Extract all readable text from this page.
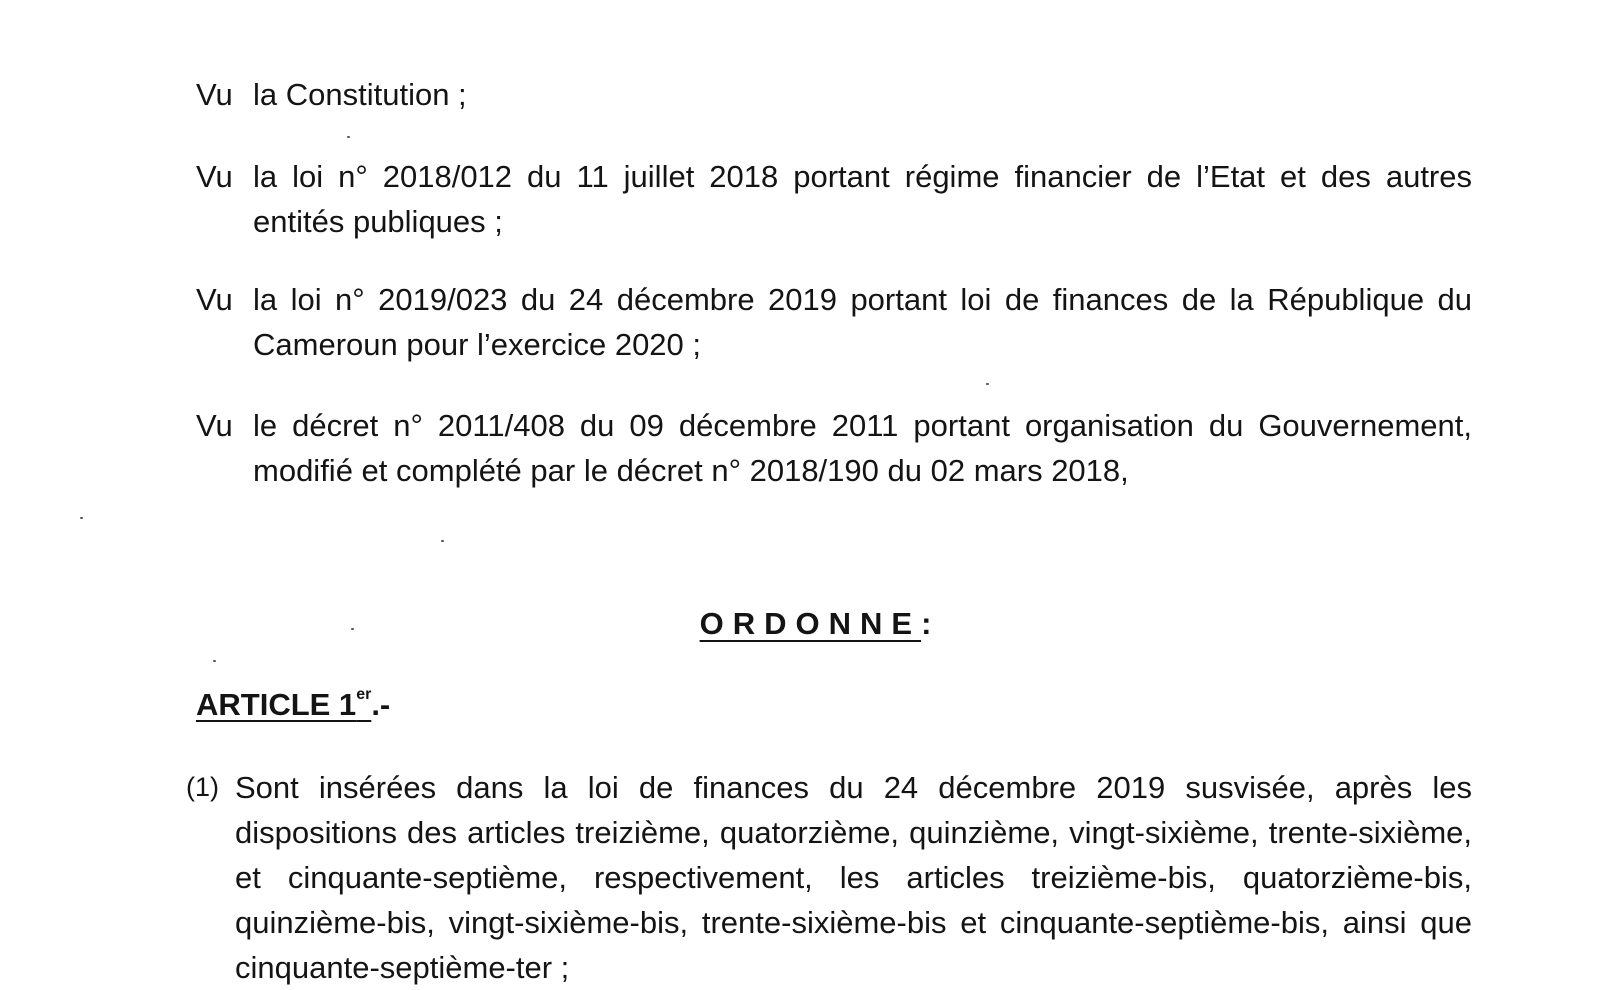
Vu la Constitution ;
Vu la loi n° 2018/012 du 11 juillet 2018 portant régime financier de l’Etat et des autres entités publiques ;
Vu la loi n° 2019/023 du 24 décembre 2019 portant loi de finances de la République du Cameroun pour l’exercice 2020 ;
Vu le décret n° 2011/408 du 09 décembre 2011 portant organisation du Gouvernement, modifié et complété par le décret n° 2018/190 du 02 mars 2018,
ORDONNE:
ARTICLE 1er.-
(1) Sont insérées dans la loi de finances du 24 décembre 2019 susvisée, après les dispositions des articles treizième, quatorzième, quinzième, vingt-sixième, trente-sixième, et cinquante-septième, respectivement, les articles treizième-bis, quatorzième-bis, quinzième-bis, vingt-sixième-bis, trente-sixième-bis et cinquante-septième-bis, ainsi que cinquante-septième-ter ;
